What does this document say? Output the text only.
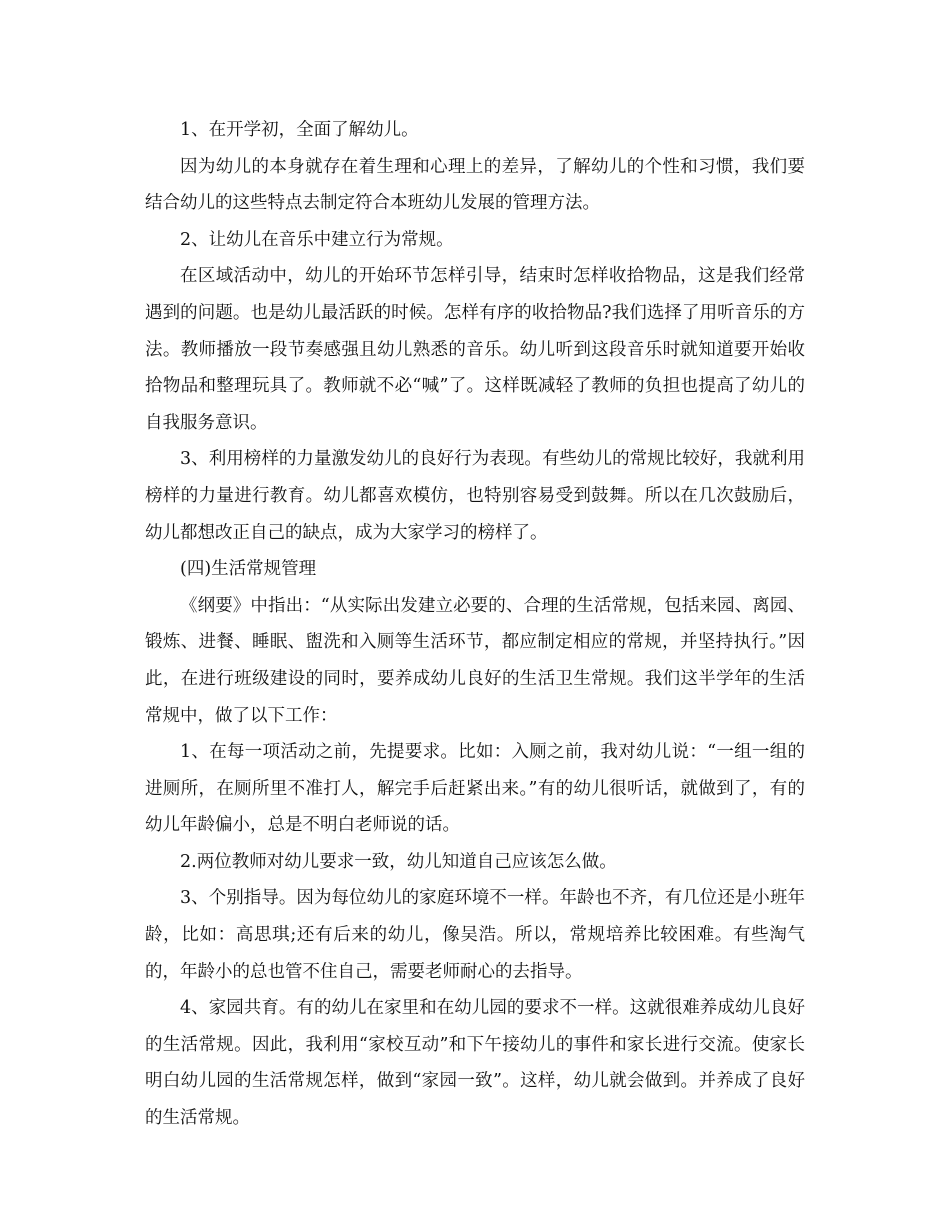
1、在开学初，全面了解幼儿。

因为幼儿的本身就存在着生理和心理上的差异，了解幼儿的个性和习惯，我们要结合幼儿的这些特点去制定符合本班幼儿发展的管理方法。

2、让幼儿在音乐中建立行为常规。

在区域活动中，幼儿的开始环节怎样引导，结束时怎样收拾物品，这是我们经常遇到的问题。也是幼儿最活跃的时候。怎样有序的收拾物品?我们选择了用听音乐的方法。教师播放一段节奏感强且幼儿熟悉的音乐。幼儿听到这段音乐时就知道要开始收拾物品和整理玩具了。教师就不必“喊”了。这样既减轻了教师的负担也提高了幼儿的自我服务意识。

3、利用榜样的力量激发幼儿的良好行为表现。有些幼儿的常规比较好，我就利用榜样的力量进行教育。幼儿都喜欢模仿，也特别容易受到鼓舞。所以在几次鼓励后，幼儿都想改正自己的缺点，成为大家学习的榜样了。

(四)生活常规管理

《纲要》中指出：“从实际出发建立必要的、合理的生活常规，包括来园、离园、锻炼、进餐、睡眠、盥洗和入厕等生活环节，都应制定相应的常规，并坚持执行。”因此，在进行班级建设的同时，要养成幼儿良好的生活卫生常规。我们这半学年的生活常规中，做了以下工作：

1、在每一项活动之前，先提要求。比如：入厕之前，我对幼儿说：“一组一组的进厕所，在厕所里不准打人，解完手后赶紧出来。”有的幼儿很听话，就做到了，有的幼儿年龄偏小，总是不明白老师说的话。

2.两位教师对幼儿要求一致，幼儿知道自己应该怎么做。

3、个别指导。因为每位幼儿的家庭环境不一样。年龄也不齐，有几位还是小班年龄，比如：高思琪;还有后来的幼儿，像吴浩。所以，常规培养比较困难。有些淘气的，年龄小的总也管不住自己，需要老师耐心的去指导。

4、家园共育。有的幼儿在家里和在幼儿园的要求不一样。这就很难养成幼儿良好的生活常规。因此，我利用“家校互动”和下午接幼儿的事件和家长进行交流。使家长明白幼儿园的生活常规怎样，做到“家园一致”。这样，幼儿就会做到。并养成了良好的生活常规。
